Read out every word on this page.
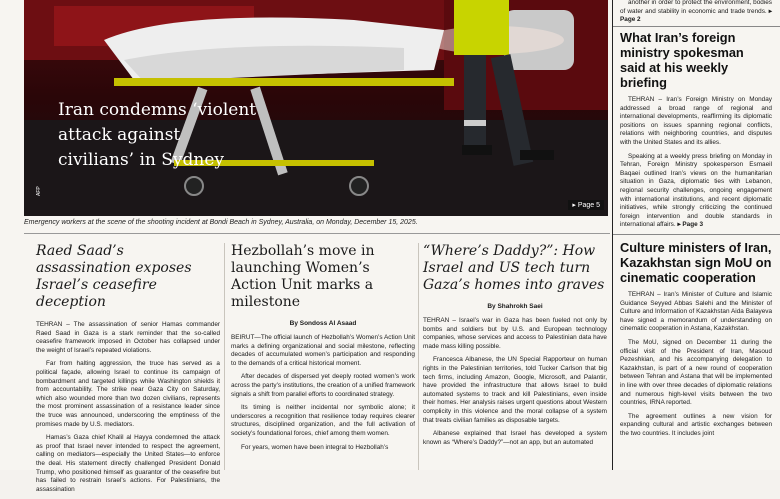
Iran condemns ‘violent attack against civilians’ in Sydney
▸ Page 5
AFP
Emergency workers at the scene of the shooting incident at Bondi Beach in Sydney, Australia, on Monday, December 15, 2025.
Raed Saad’s assassination exposes Israel’s ceasefire deception

TEHRAN – The assassination of senior Hamas commander Raed Saad in Gaza is a stark reminder that the so-called ceasefire framework imposed in October has collapsed under the weight of Israel’s repeated violations.

Far from halting aggression, the truce has served as a political façade, allowing Israel to continue its campaign of bombardment and targeted killings while Washington shields it from accountability. The strike near Gaza City on Saturday, which also wounded more than two dozen civilians, represents the most prominent assassination of a resistance leader since the truce was announced, underscoring the emptiness of the promises made by U.S. mediators.

Hamas’s Gaza chief Khalil al Hayya condemned the attack as proof that Israel never intended to respect the agreement, calling on mediators—especially the United States—to enforce the deal. His statement directly challenged President Donald Trump, who positioned himself as guarantor of the ceasefire but has failed to restrain Israel’s actions. For Palestinians, the assassination

Hezbollah’s move in launching Women’s Action Unit marks a milestone
By Sondoss Al Asaad

BEIRUT—The official launch of Hezbollah’s Women’s Action Unit marks a defining organizational and social milestone, reflecting decades of accumulated women’s participation and responding to the demands of a critical historical moment.

After decades of dispersed yet deeply rooted women’s work across the party’s institutions, the creation of a unified framework signals a shift from parallel efforts to coordinated strategy.

Its timing is neither incidental nor symbolic alone; it underscores a recognition that resilience today requires clearer structures, disciplined organization, and the full activation of society’s foundational forces, chief among them women.

For years, women have been integral to Hezbollah’s

“Where’s Daddy?”: How Israel and US tech turn Gaza’s homes into graves
By Shahrokh Saei

TEHRAN – Israel’s war in Gaza has been fueled not only by bombs and soldiers but by U.S. and European technology companies, whose services and access to Palestinian data have made mass killing possible.

Francesca Albanese, the UN Special Rapporteur on human rights in the Palestinian territories, told Tucker Carlson that big tech firms, including Amazon, Google, Microsoft, and Palantir, have provided the infrastructure that allows Israel to build automated systems to track and kill Palestinians, even inside their homes. Her analysis raises urgent questions about Western complicity in this violence and the moral collapse of a system that treats civilian families as disposable targets.

Albanese explained that Israel has developed a system known as “Where’s Daddy?”—not an app, but an automated

another in order to protect the environment, bodies of water and stability in economic and trade trends. ▸ Page 2

What Iran’s foreign ministry spokesman said at his weekly briefing

TEHRAN – Iran’s Foreign Ministry on Monday addressed a broad range of regional and international developments, reaffirming its diplomatic positions on issues spanning regional conflicts, relations with neighboring countries, and disputes with the United States and its allies.

Speaking at a weekly press briefing on Monday in Tehran, Foreign Ministry spokesperson Esmaeil Baqaei outlined Iran’s views on the humanitarian situation in Gaza, diplomatic ties with Lebanon, regional security challenges, ongoing engagement with international institutions, and recent diplomatic initiatives, while strongly criticizing the continued foreign intervention and double standards in international affairs. ▸ Page 3

Culture ministers of Iran, Kazakhstan sign MoU on cinematic cooperation

TEHRAN – Iran’s Minister of Culture and Islamic Guidance Seyyed Abbas Salehi and the Minister of Culture and Information of Kazakhstan Aida Balayeva have signed a memorandum of understanding on cinematic cooperation in Astana, Kazakhstan.

The MoU, signed on December 11 during the official visit of the President of Iran, Masoud Pezeshkian, and his accompanying delegation to Kazakhstan, is part of a new round of cooperation between Tehran and Astana that will be implemented in line with over three decades of diplomatic relations and numerous high-level visits between the two countries, IRNA reported.

The agreement outlines a new vision for expanding cultural and artistic exchanges between the two countries. It includes joint
